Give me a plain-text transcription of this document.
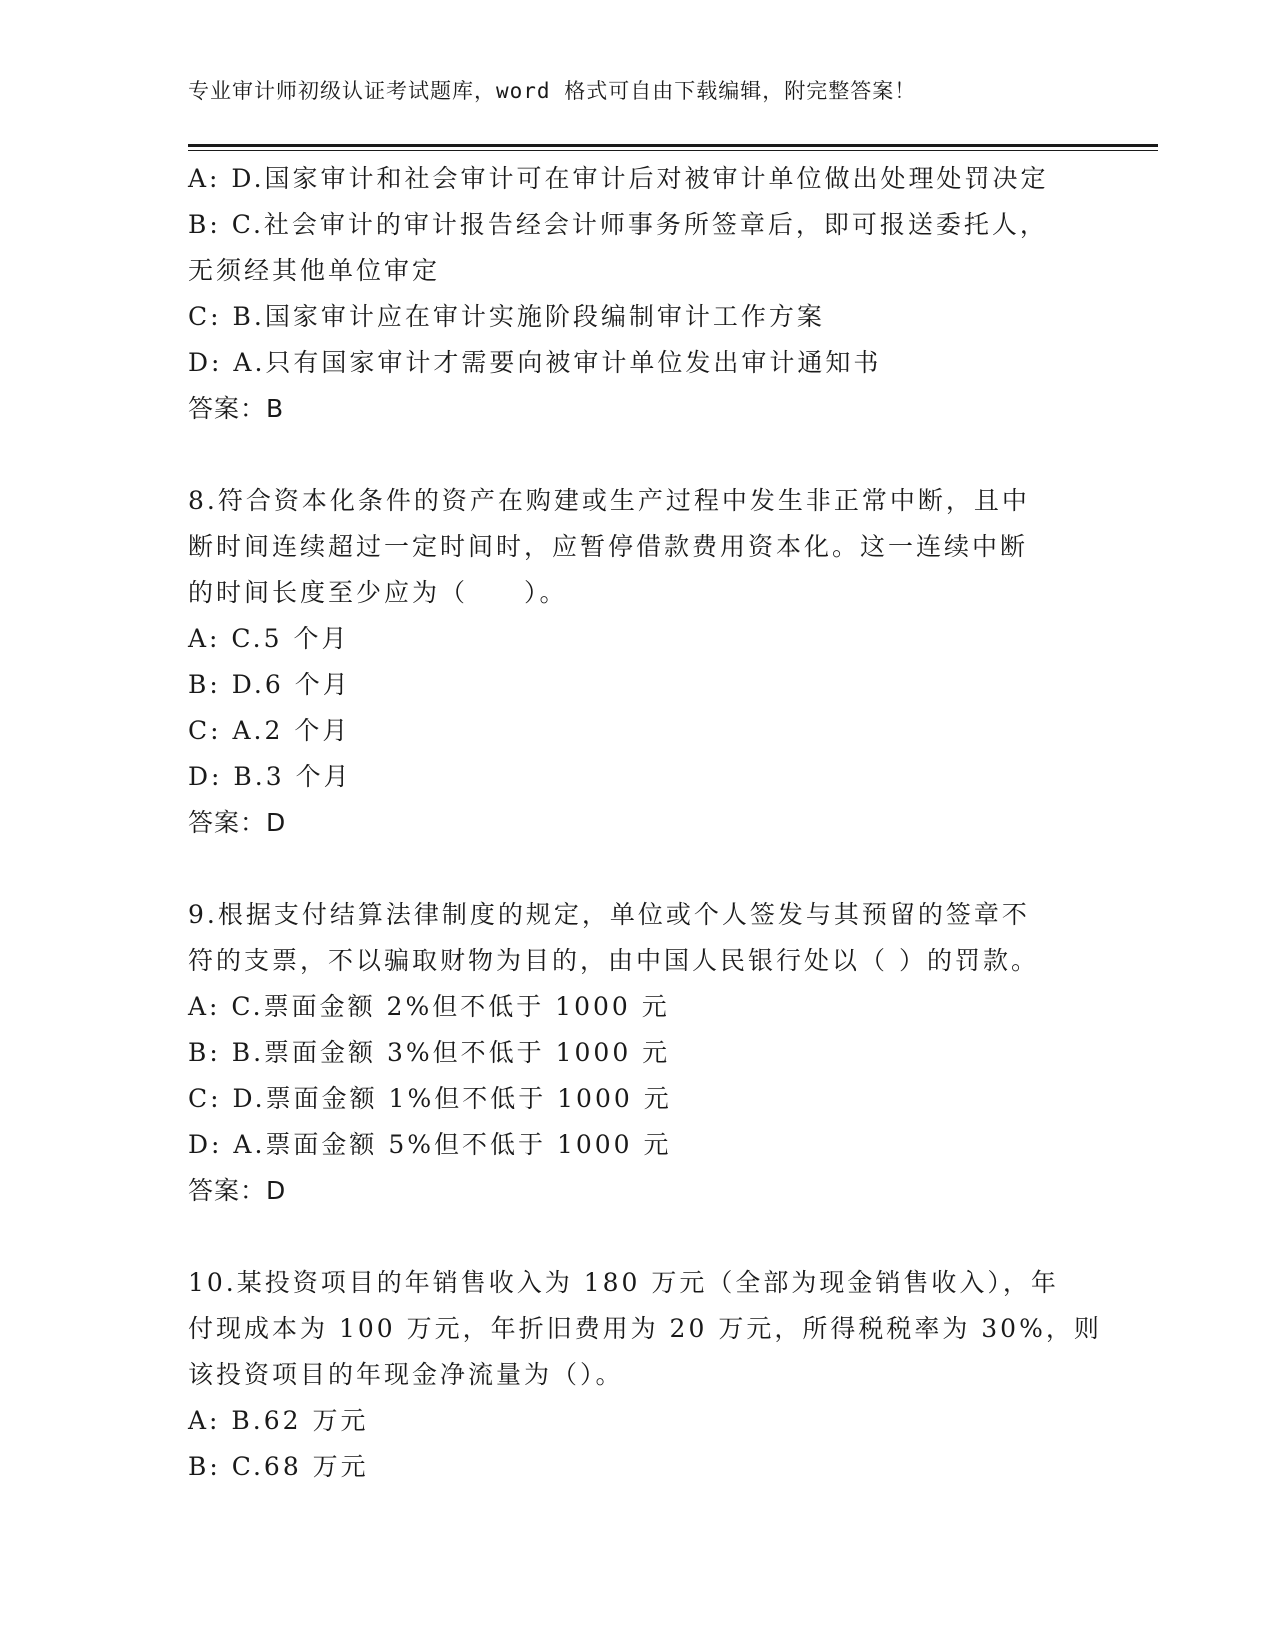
专业审计师初级认证考试题库，word 格式可自由下载编辑，附完整答案！
A: D.国家审计和社会审计可在审计后对被审计单位做出处理处罚决定
B: C.社会审计的审计报告经会计师事务所签章后，即可报送委托人，
无须经其他单位审定
C: B.国家审计应在审计实施阶段编制审计工作方案
D: A.只有国家审计才需要向被审计单位发出审计通知书
答案：B
8.符合资本化条件的资产在购建或生产过程中发生非正常中断，且中
断时间连续超过一定时间时，应暂停借款费用资本化。这一连续中断
的时间长度至少应为（　　）。
A: C.5 个月
B: D.6 个月
C: A.2 个月
D: B.3 个月
答案：D
9.根据支付结算法律制度的规定，单位或个人签发与其预留的签章不
符的支票，不以骗取财物为目的，由中国人民银行处以（ ）的罚款。
A: C.票面金额 2%但不低于 1000 元
B: B.票面金额 3%但不低于 1000 元
C: D.票面金额 1%但不低于 1000 元
D: A.票面金额 5%但不低于 1000 元
答案：D
10.某投资项目的年销售收入为 180 万元（全部为现金销售收入），年
付现成本为 100 万元，年折旧费用为 20 万元，所得税税率为 30%，则
该投资项目的年现金净流量为（）。
A: B.62 万元
B: C.68 万元
